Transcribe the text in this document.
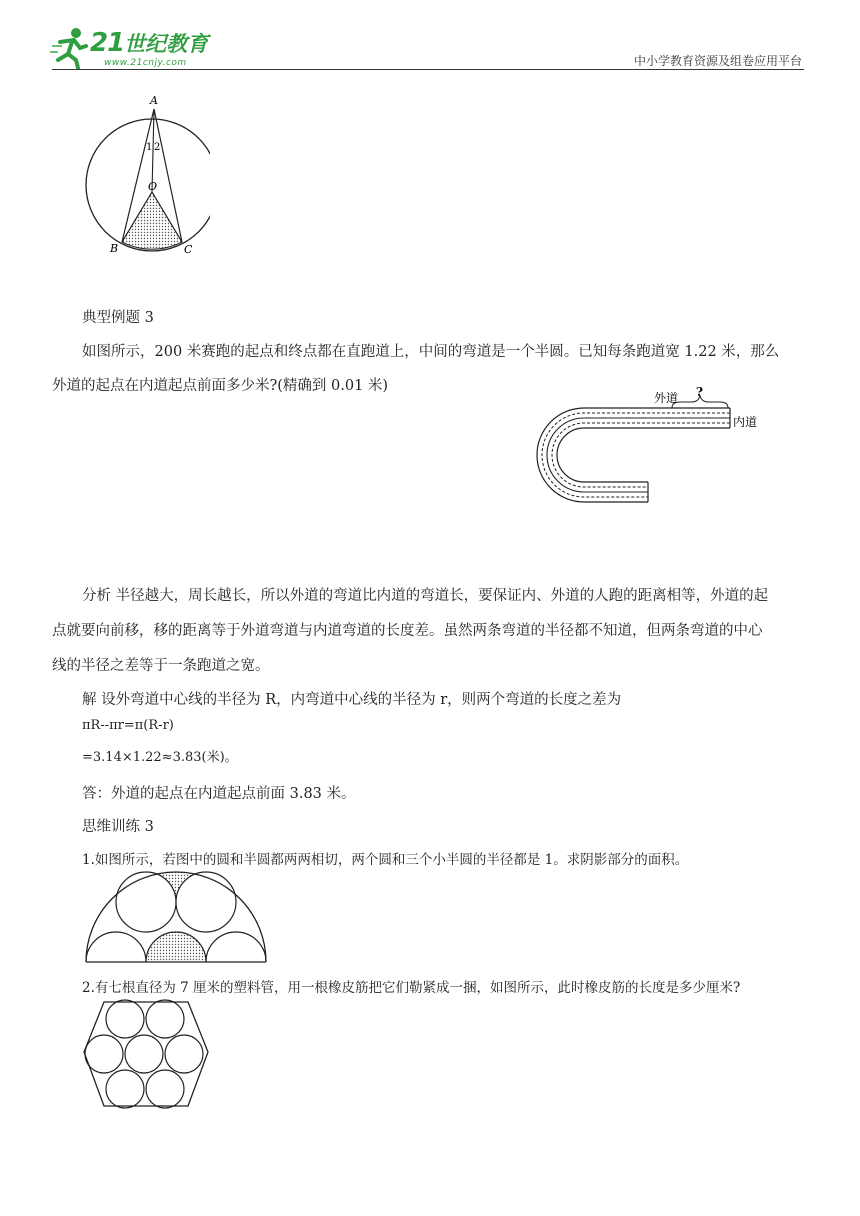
21世纪教育
www.21cnjy.com	中小学教育资源及组卷应用平台
A
1 2
O
B	C
典型例题 3
如图所示，200 米赛跑的起点和终点都在直跑道上，中间的弯道是一个半圆。已知每条跑道宽 1.22 米，那么
外道的起点在内道起点前面多少米?(精确到 0.01 米)
外道 ?
内道
分析 半径越大，周长越长，所以外道的弯道比内道的弯道长，要保证内、外道的人跑的距离相等，外道的起
点就要向前移，移的距离等于外道弯道与内道弯道的长度差。虽然两条弯道的半径都不知道，但两条弯道的中心
线的半径之差等于一条跑道之宽。
解 设外弯道中心线的半径为 R，内弯道中心线的半径为 r，则两个弯道的长度之差为
πR--πr=π(R-r)
=3.14×1.22≈3.83(米)。
答：外道的起点在内道起点前面 3.83 米。
思维训练 3
1.如图所示，若图中的圆和半圆都两两相切，两个圆和三个小半圆的半径都是 1。求阴影部分的面积。
2.有七根直径为 7 厘米的塑料管，用一根橡皮筋把它们勒紧成一捆，如图所示，此时橡皮筋的长度是多少厘米?
